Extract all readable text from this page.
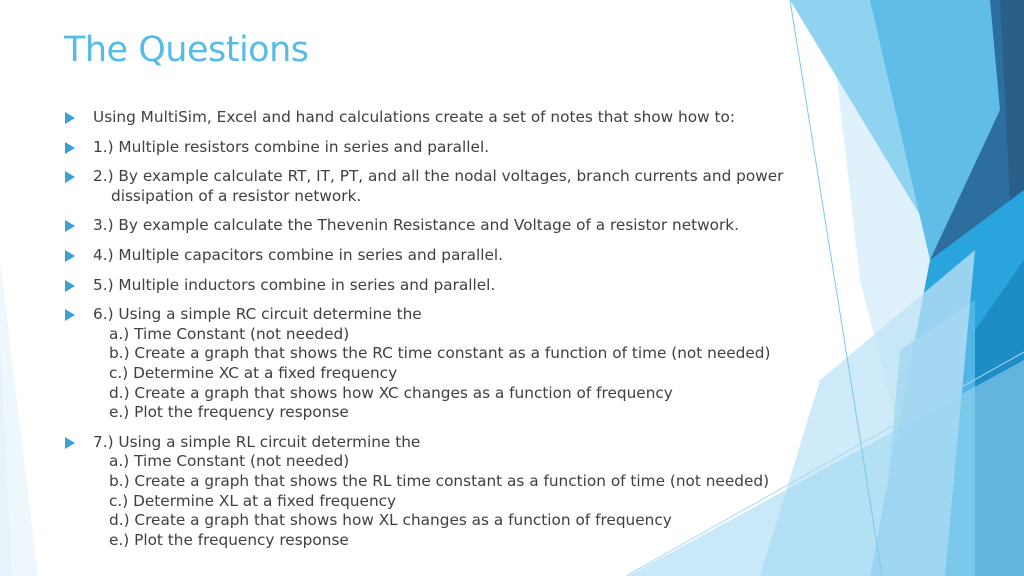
The Questions
Using MultiSim, Excel and hand calculations create a set of notes that show how to:
1.) Multiple resistors combine in series and parallel.
2.) By example calculate RT, IT, PT, and all the nodal voltages, branch currents and power
dissipation of a resistor network.
3.) By example calculate the Thevenin Resistance and Voltage of a resistor network.
4.) Multiple capacitors combine in series and parallel.
5.) Multiple inductors combine in series and parallel.
6.) Using a simple RC circuit determine the
a.) Time Constant (not needed)
b.) Create a graph that shows the RC time constant as a function of time (not needed)
c.) Determine XC at a fixed frequency
d.) Create a graph that shows how XC changes as a function of frequency
e.) Plot the frequency response
7.) Using a simple RL circuit determine the
a.) Time Constant (not needed)
b.) Create a graph that shows the RL time constant as a function of time (not needed)
c.) Determine XL at a fixed frequency
d.) Create a graph that shows how XL changes as a function of frequency
e.) Plot the frequency response
